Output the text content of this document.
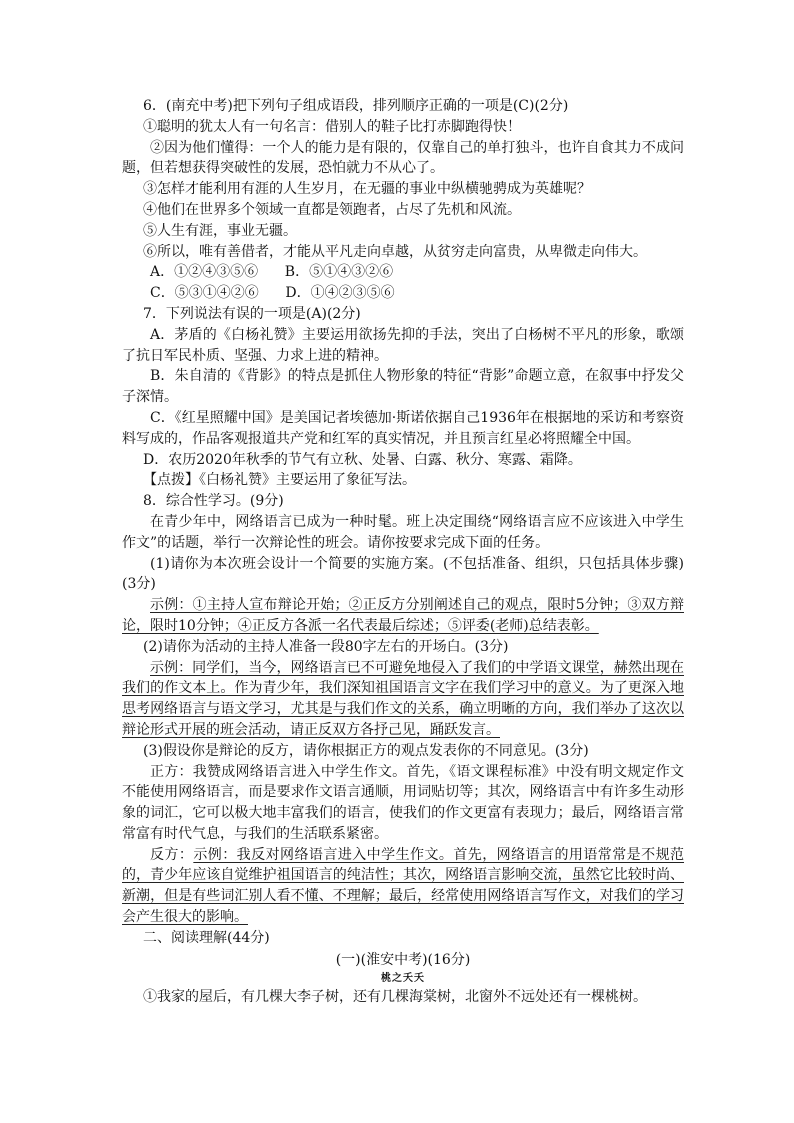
6．(南充中考)把下列句子组成语段，排列顺序正确的一项是(C)(2分)
①聪明的犹太人有一句名言：借别人的鞋子比打赤脚跑得快！
②因为他们懂得：一个人的能力是有限的，仅靠自己的单打独斗，也许自食其力不成问题，但若想获得突破性的发展，恐怕就力不从心了。
③怎样才能利用有涯的人生岁月，在无疆的事业中纵横驰骋成为英雄呢？
④他们在世界多个领域一直都是领跑者，占尽了先机和风流。
⑤人生有涯，事业无疆。
⑥所以，唯有善借者，才能从平凡走向卓越，从贫穷走向富贵，从卑微走向伟大。
A．①②④③⑤⑥      B．⑤①④③②⑥
C．⑤③①④②⑥      D．①④②③⑤⑥
7．下列说法有误的一项是(A)(2分)
A．茅盾的《白杨礼赞》主要运用欲扬先抑的手法，突出了白杨树不平凡的形象，歌颂了抗日军民朴质、坚强、力求上进的精神。
B．朱自清的《背影》的特点是抓住人物形象的特征“背影”命题立意，在叙事中抒发父子深情。
C．《红星照耀中国》是美国记者埃德加·斯诺依据自己1936年在根据地的采访和考察资料写成的，作品客观报道共产党和红军的真实情况，并且预言红星必将照耀全中国。
D．农历2020年秋季的节气有立秋、处暑、白露、秋分、寒露、霜降。
【点拨】《白杨礼赞》主要运用了象征写法。
8．综合性学习。(9分)
在青少年中，网络语言已成为一种时髦。班上决定围绕“网络语言应不应该进入中学生作文”的话题，举行一次辩论性的班会。请你按要求完成下面的任务。
(1)请你为本次班会设计一个简要的实施方案。(不包括准备、组织，只包括具体步骤)(3分)
示例：①主持人宣布辩论开始；②正反方分别阐述自己的观点，限时5分钟；③双方辩论，限时10分钟；④正反方各派一名代表最后综述；⑤评委(老师)总结表彰。
(2)请你为活动的主持人准备一段80字左右的开场白。(3分)
示例：同学们，当今，网络语言已不可避免地侵入了我们的中学语文课堂，赫然出现在我们的作文本上。作为青少年，我们深知祖国语言文字在我们学习中的意义。为了更深入地思考网络语言与语文学习，尤其是与我们作文的关系，确立明晰的方向，我们举办了这次以辩论形式开展的班会活动，请正反双方各抒己见，踊跃发言。
(3)假设你是辩论的反方，请你根据正方的观点发表你的不同意见。(3分)
正方：我赞成网络语言进入中学生作文。首先，《语文课程标准》中没有明文规定作文不能使用网络语言，而是要求作文语言通顺，用词贴切等；其次，网络语言中有许多生动形象的词汇，它可以极大地丰富我们的语言，使我们的作文更富有表现力；最后，网络语言常常富有时代气息，与我们的生活联系紧密。
反方：示例：我反对网络语言进入中学生作文。首先，网络语言的用语常常是不规范的，青少年应该自觉维护祖国语言的纯洁性；其次，网络语言影响交流，虽然它比较时尚、新潮，但是有些词汇别人看不懂、不理解；最后，经常使用网络语言写作文，对我们的学习会产生很大的影响。
二、阅读理解(44分)
(一)(淮安中考)(16分)
桃之夭夭
①我家的屋后，有几棵大李子树，还有几棵海棠树，北窗外不远处还有一棵桃树。
